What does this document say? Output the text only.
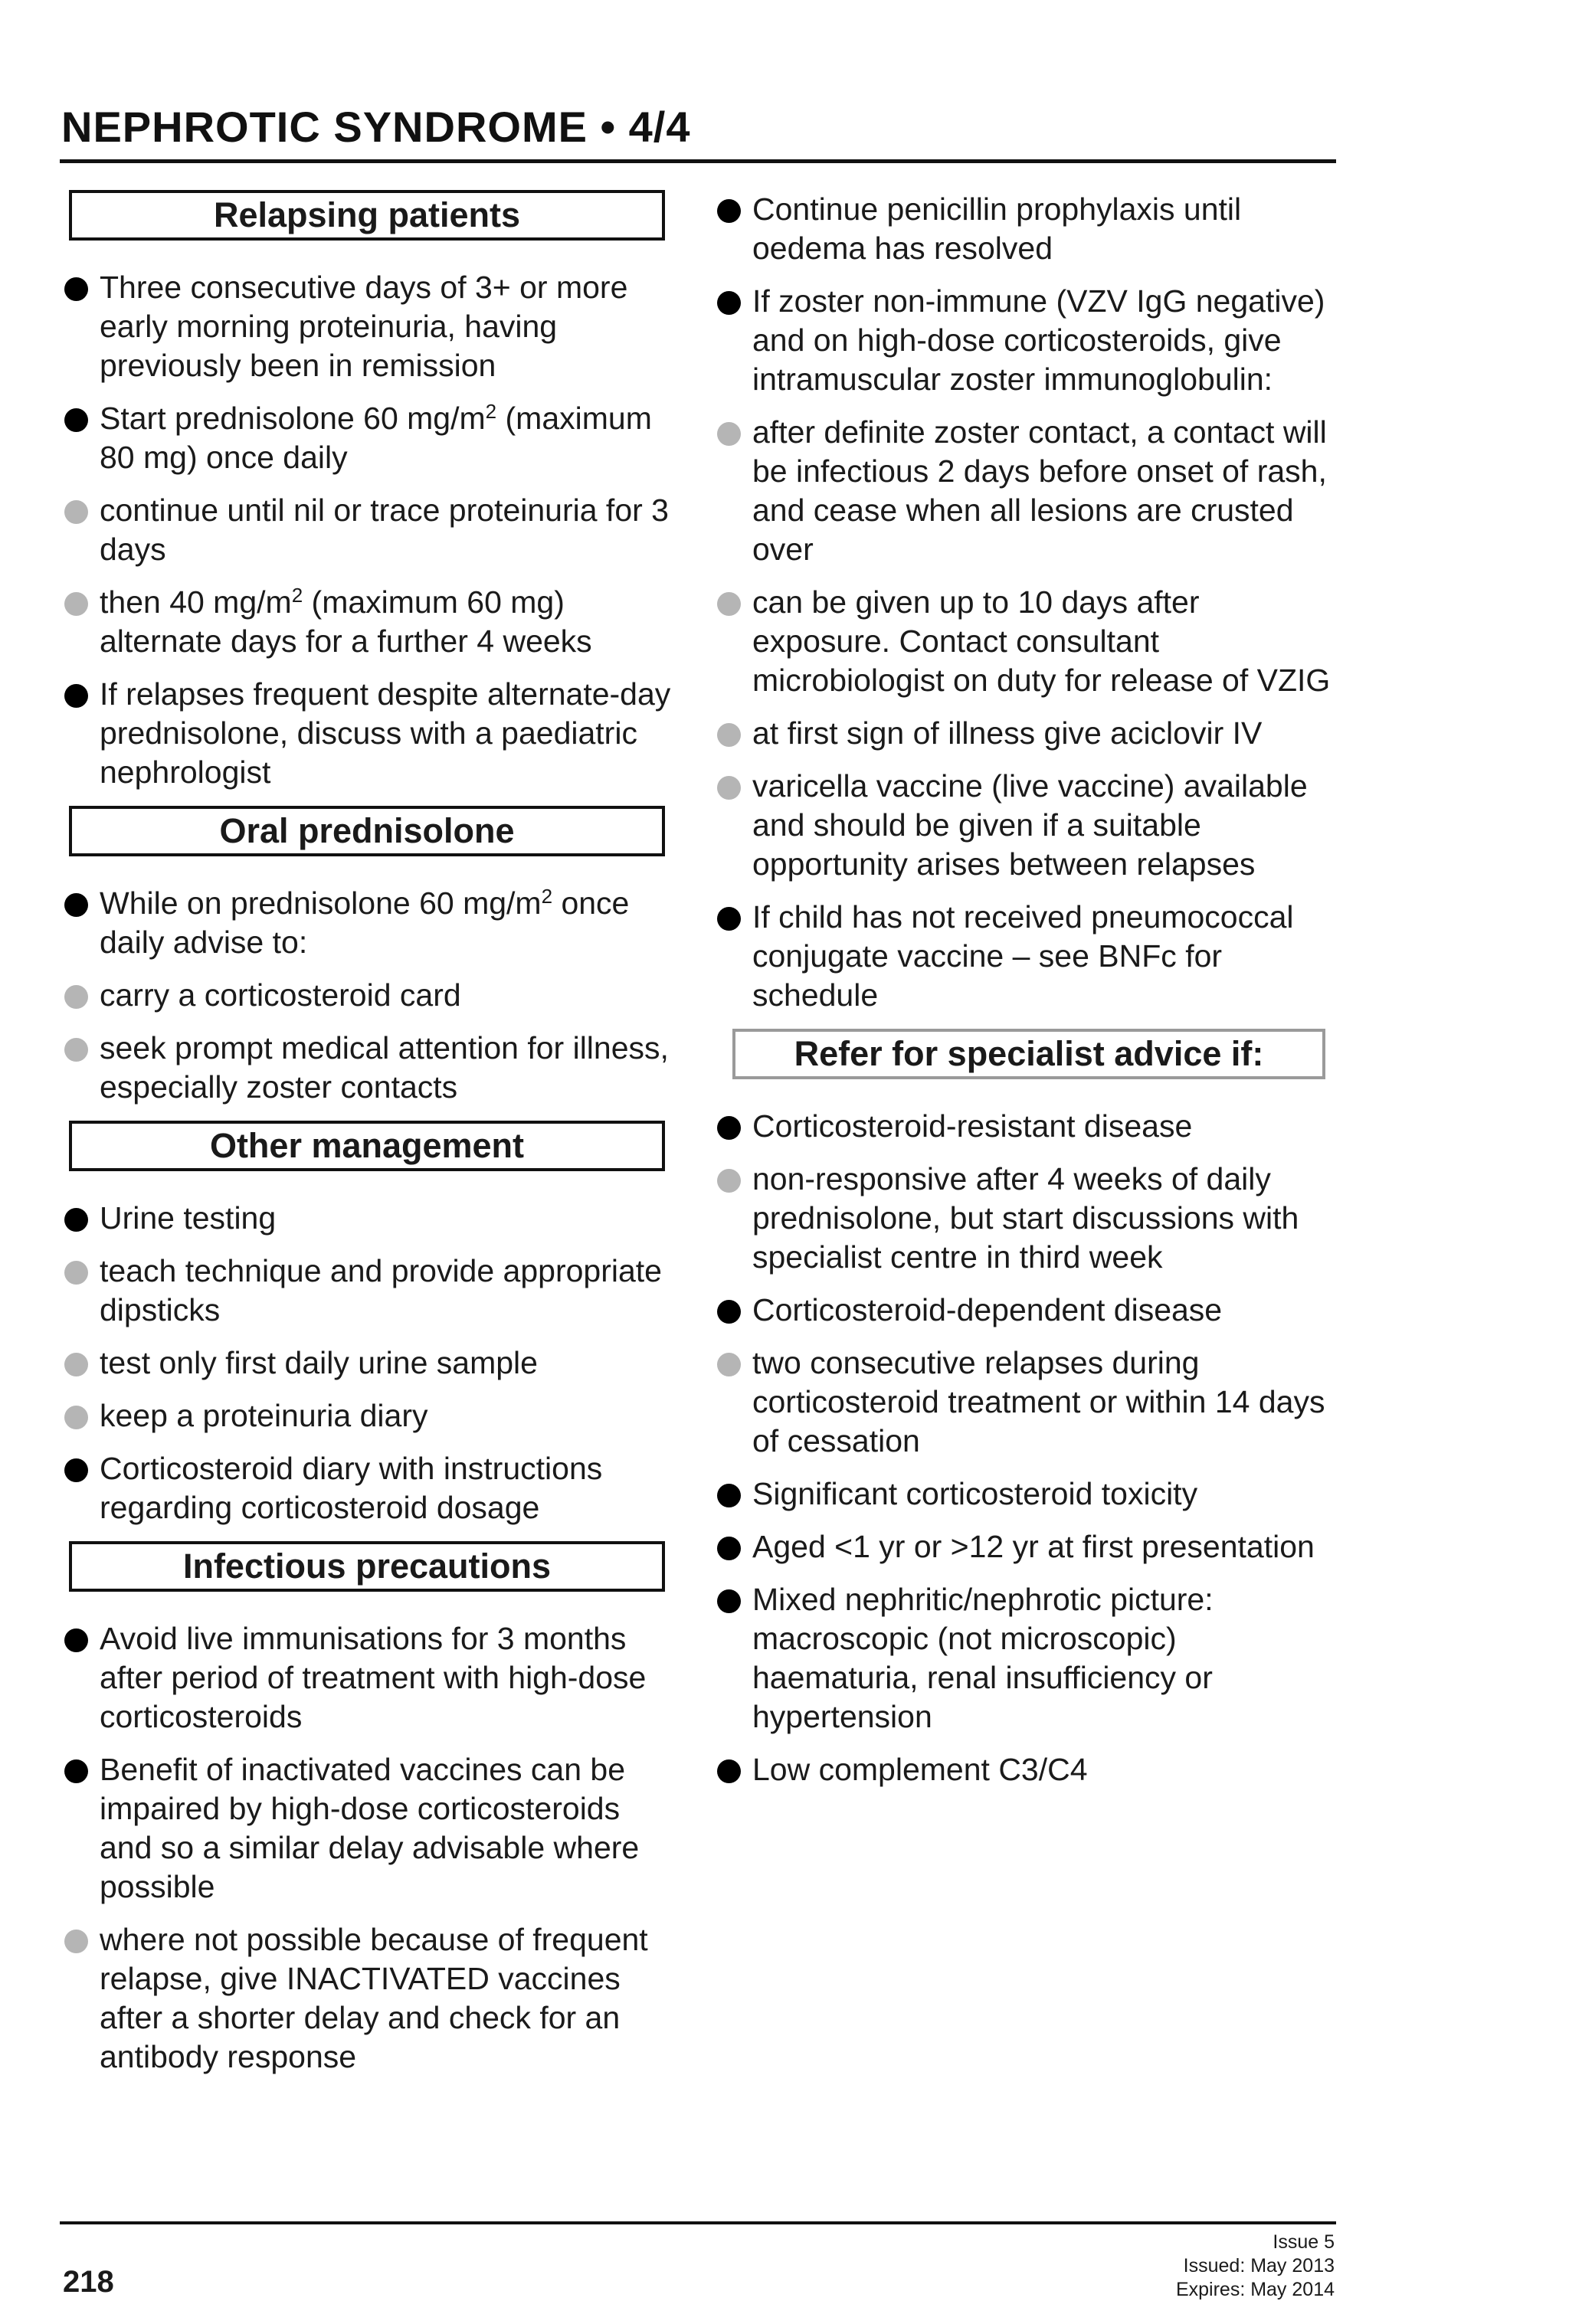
NEPHROTIC SYNDROME • 4/4
Relapsing patients
Three consecutive days of 3+ or more early morning proteinuria, having previously been in remission
Start prednisolone 60 $mg/m^2$ (maximum 80 mg) once daily
continue until nil or trace proteinuria for 3 days
then 40 $mg/m^2$ (maximum 60 mg) alternate days for a further 4 weeks
If relapses frequent despite alternate-day prednisolone, discuss with a paediatric nephrologist
Oral prednisolone
While on prednisolone 60 $mg/m^2$ once daily advise to:
carry a corticosteroid card
seek prompt medical attention for illness, especially zoster contacts
Other management
Urine testing
teach technique and provide appropriate dipsticks
test only first daily urine sample
keep a proteinuria diary
Corticosteroid diary with instructions regarding corticosteroid dosage
Infectious precautions
Avoid live immunisations for 3 months after period of treatment with high-dose corticosteroids
Benefit of inactivated vaccines can be impaired by high-dose corticosteroids and so a similar delay advisable where possible
where not possible because of frequent relapse, give INACTIVATED vaccines after a shorter delay and check for an antibody response
Continue penicillin prophylaxis until oedema has resolved
If zoster non-immune (VZV IgG negative) and on high-dose corticosteroids, give intramuscular zoster immunoglobulin:
after definite zoster contact, a contact will be infectious 2 days before onset of rash, and cease when all lesions are crusted over
can be given up to 10 days after exposure. Contact consultant microbiologist on duty for release of VZIG
at first sign of illness give aciclovir IV
varicella vaccine (live vaccine) available and should be given if a suitable opportunity arises between relapses
If child has not received pneumococcal conjugate vaccine – see BNFc for schedule
Refer for specialist advice if:
Corticosteroid-resistant disease
non-responsive after 4 weeks of daily prednisolone, but start discussions with specialist centre in third week
Corticosteroid-dependent disease
two consecutive relapses during corticosteroid treatment or within 14 days of cessation
Significant corticosteroid toxicity
Aged <1 yr or >12 yr at first presentation
Mixed nephritic/nephrotic picture: macroscopic (not microscopic) haematuria, renal insufficiency or hypertension
Low complement C3/C4
218
Issue 5
Issued: May 2013
Expires: May 2014
